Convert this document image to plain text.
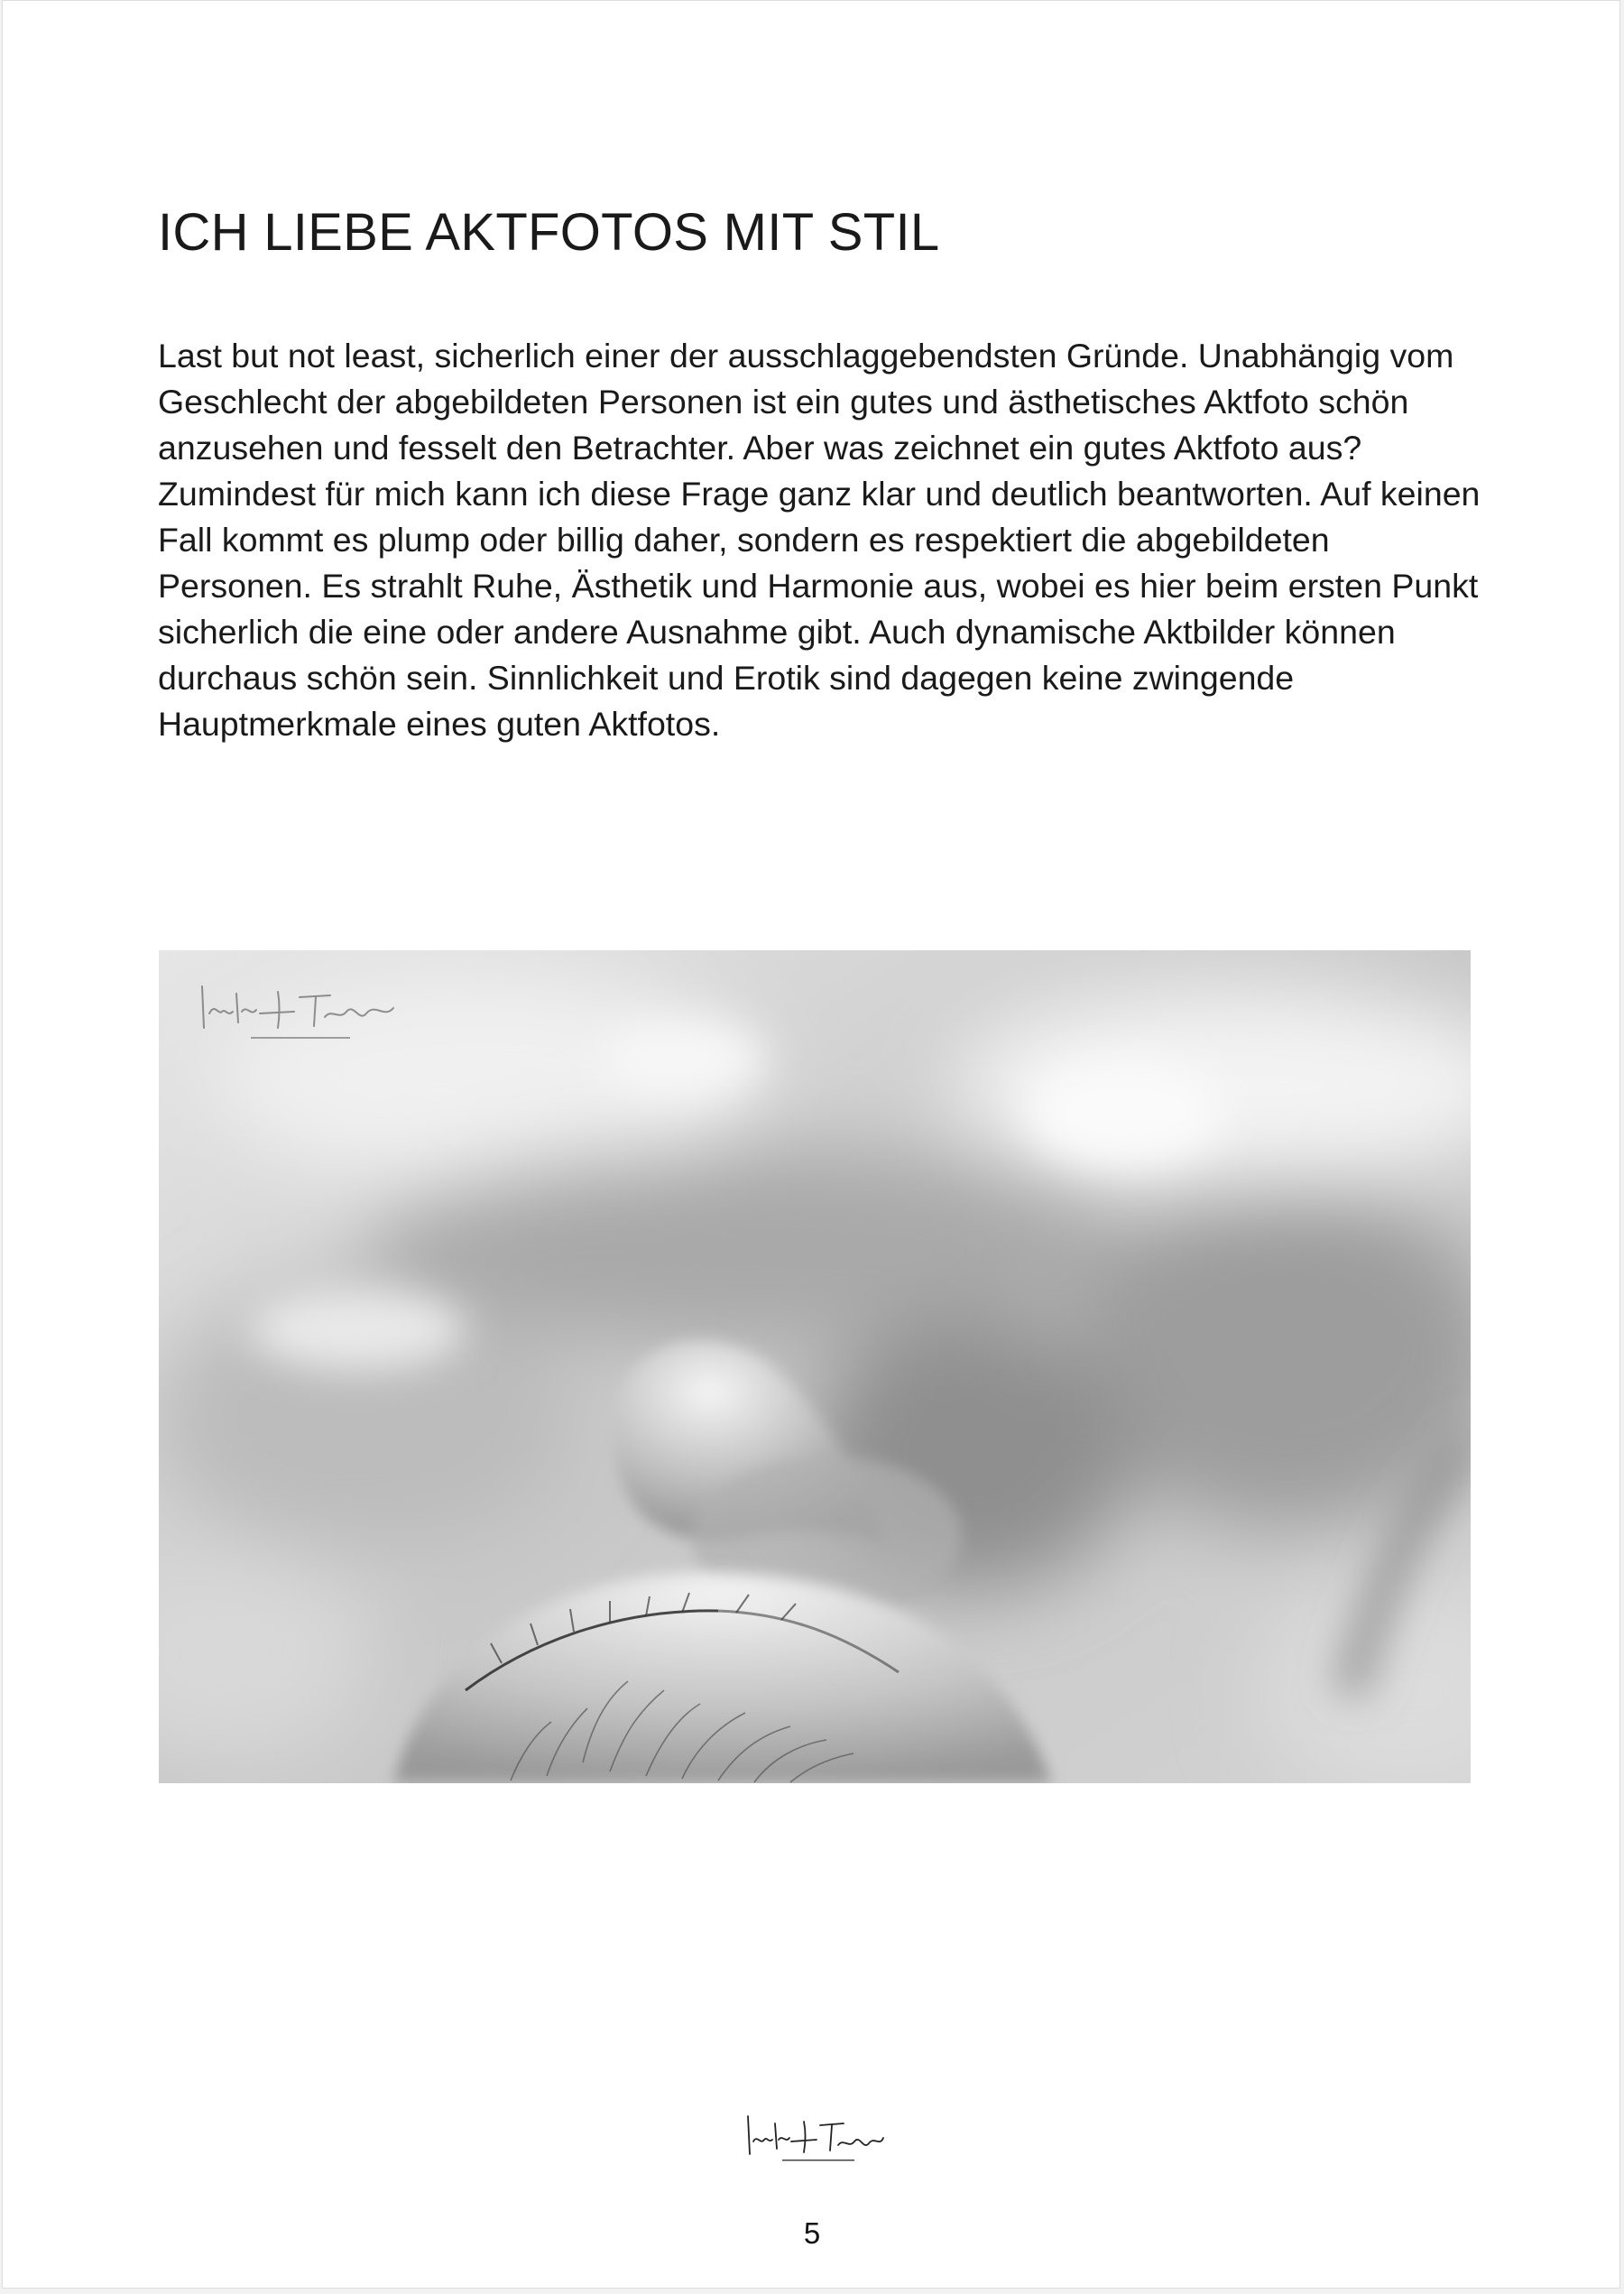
ICH LIEBE AKTFOTOS MIT STIL

Last but not least, sicherlich einer der ausschlaggebendsten Gründe. Unabhängig vom Geschlecht der abgebildeten Personen ist ein gutes und ästhetisches Aktfoto schön anzusehen und fesselt den Betrachter. Aber was zeichnet ein gutes Aktfoto aus? Zumindest für mich kann ich diese Frage ganz klar und deutlich beantworten. Auf keinen Fall kommt es plump oder billig daher, sondern es respektiert die abgebildeten Personen. Es strahlt Ruhe, Ästhetik und Harmonie aus, wobei es hier beim ersten Punkt sicherlich die eine oder andere Ausnahme gibt. Auch dynamische Aktbilder können durchaus schön sein. Sinnlichkeit und Erotik sind dagegen keine zwingende Hauptmerkmale eines guten Aktfotos.

5
